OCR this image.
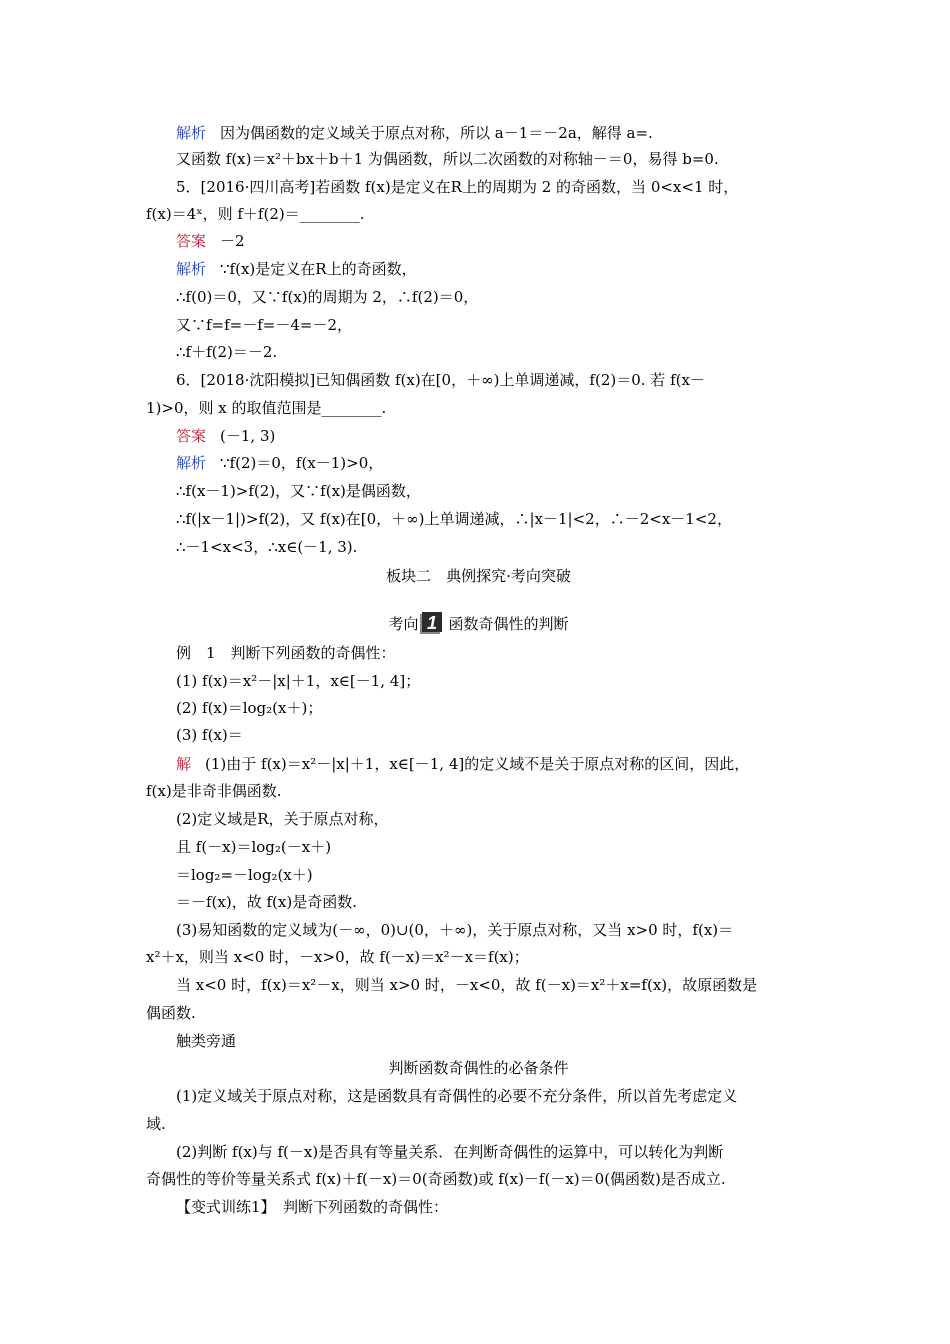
解析 因为偶函数的定义域关于原点对称，所以 a－1＝－2a，解得 a=.
又函数 f(x)＝x²＋bx＋b＋1 为偶函数，所以二次函数的对称轴－＝0，易得 b=0.
5．[2016·四川高考]若函数 f(x)是定义在R上的周期为 2 的奇函数，当 0<x<1 时，
f(x)＝4ˣ，则 f＋f(2)＝________.
答案 －2
解析 ∵f(x)是定义在R上的奇函数，
∴f(0)＝0，又∵f(x)的周期为 2，∴f(2)＝0，
又∵f=f=－f=－4=－2，
∴f＋f(2)＝－2.
6．[2018·沈阳模拟]已知偶函数 f(x)在[0，＋∞)上单调递减，f(2)＝0. 若 f(x－
1)>0，则 x 的取值范围是________.
答案 (－1, 3)
解析 ∵f(2)＝0，f(x－1)>0，
∴f(x－1)>f(2)，又∵f(x)是偶函数，
∴f(|x－1|)>f(2)，又 f(x)在[0，＋∞)上单调递减，∴|x－1|<2，∴－2<x－1<2，
∴－1<x<3，∴x∈(－1, 3).
板块二　典例探究·考向突破
考向 1 函数奇偶性的判断
例　1　判断下列函数的奇偶性：
(1) f(x)＝x²－|x|＋1，x∈[－1, 4]；
(2) f(x)＝log₂(x＋)；
(3) f(x)＝
解 (1)由于 f(x)＝x²－|x|＋1，x∈[－1, 4]的定义域不是关于原点对称的区间，因此，
f(x)是非奇非偶函数.
(2)定义域是R，关于原点对称，
且 f(－x)＝log₂(－x＋)
＝log₂=－log₂(x＋)
＝－f(x)，故 f(x)是奇函数.
(3)易知函数的定义域为(－∞，0)∪(0，＋∞)，关于原点对称，又当 x>0 时，f(x)＝
x²＋x，则当 x<0 时，－x>0，故 f(－x)＝x²－x＝f(x)；
当 x<0 时，f(x)＝x²－x，则当 x>0 时，－x<0，故 f(－x)＝x²＋x=f(x)，故原函数是
偶函数.
触类旁通
判断函数奇偶性的必备条件
(1)定义域关于原点对称，这是函数具有奇偶性的必要不充分条件，所以首先考虑定义
域.
(2)判断 f(x)与 f(－x)是否具有等量关系．在判断奇偶性的运算中，可以转化为判断
奇偶性的等价等量关系式 f(x)＋f(－x)＝0(奇函数)或 f(x)－f(－x)＝0(偶函数)是否成立.
【变式训练1】　判断下列函数的奇偶性：
